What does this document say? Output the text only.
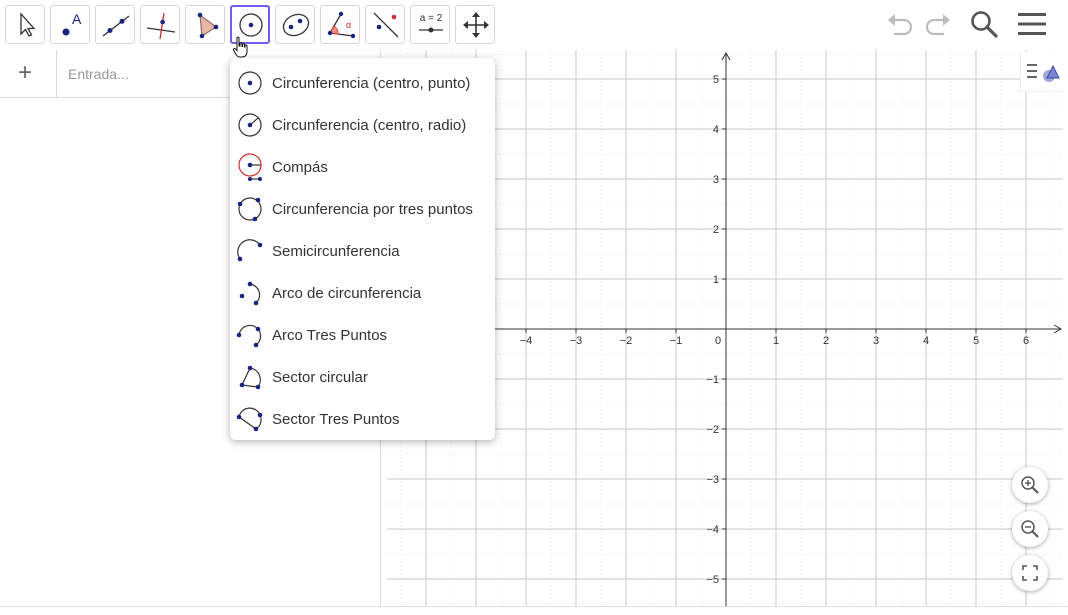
A	α
a = 2
+
Entrada...
−4	−3	−2	−1	0	1	2	3	4	5	6
5
4
3
2
1
−1
−2
−3
−4
−5
Circunferencia (centro, punto)
Circunferencia (centro, radio)
Compás
Circunferencia por tres puntos
Semicircunferencia
Arco de circunferencia
Arco Tres Puntos
Sector circular
Sector Tres Puntos
